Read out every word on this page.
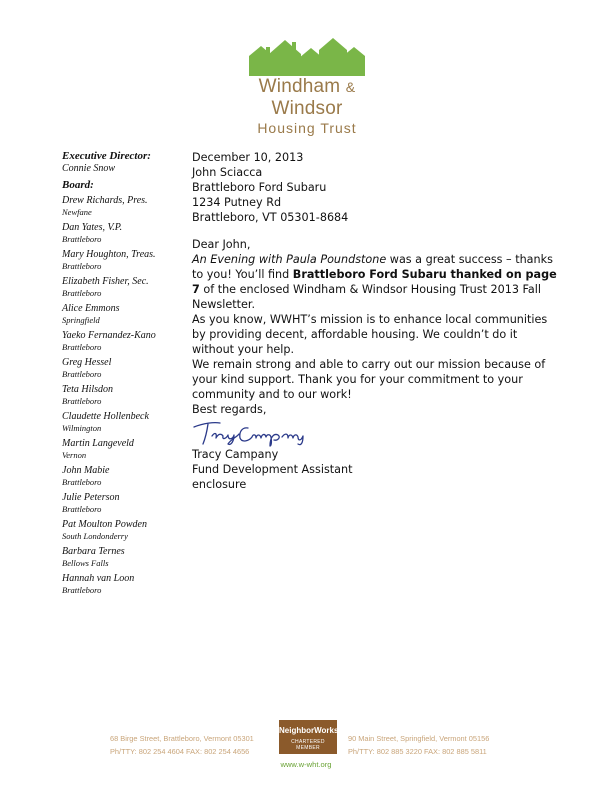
Windham & Windsor
Housing Trust

Executive Director:

Connie Snow

Board:

Drew Richards, Pres.

Newfane

Dan Yates, V.P.

Brattleboro

Mary Houghton, Treas.

Brattleboro

Elizabeth Fisher, Sec.

Brattleboro

Alice Emmons

Springfield

Yaeko Fernandez-Kano

Brattleboro

Greg Hessel

Brattleboro

Teta Hilsdon

Brattleboro

Claudette Hollenbeck

Wilmington

Martin Langeveld

Vernon

John Mabie

Brattleboro

Julie Peterson

Brattleboro

Pat Moulton Powden

South Londonderry

Barbara Ternes

Bellows Falls

Hannah van Loon

Brattleboro

December 10, 2013

John Sciacca

Brattleboro Ford Subaru

1234 Putney Rd

Brattleboro, VT 05301-8684

Dear John,

An Evening with Paula Poundstone was a great success – thanks to you! You’ll find Brattleboro Ford Subaru thanked on page 7 of the enclosed Windham & Windsor Housing Trust 2013 Fall Newsletter.

As you know, WWHT’s mission is to enhance local communities by providing decent, affordable housing. We couldn’t do it without your help.

We remain strong and able to carry out our mission because of your kind support. Thank you for your commitment to your community and to our work!

Best regards,

Tracy Campany

Fund Development Assistant

enclosure

68 Birge Street, Brattleboro, Vermont 05301
Ph/TTY: 802 254 4604 FAX: 802 254 4656
NeighborWorks
CHARTERED MEMBER
90 Main Street, Springfield, Vermont 05156
Ph/TTY: 802 885 3220 FAX: 802 885 5811
www.w-wht.org
